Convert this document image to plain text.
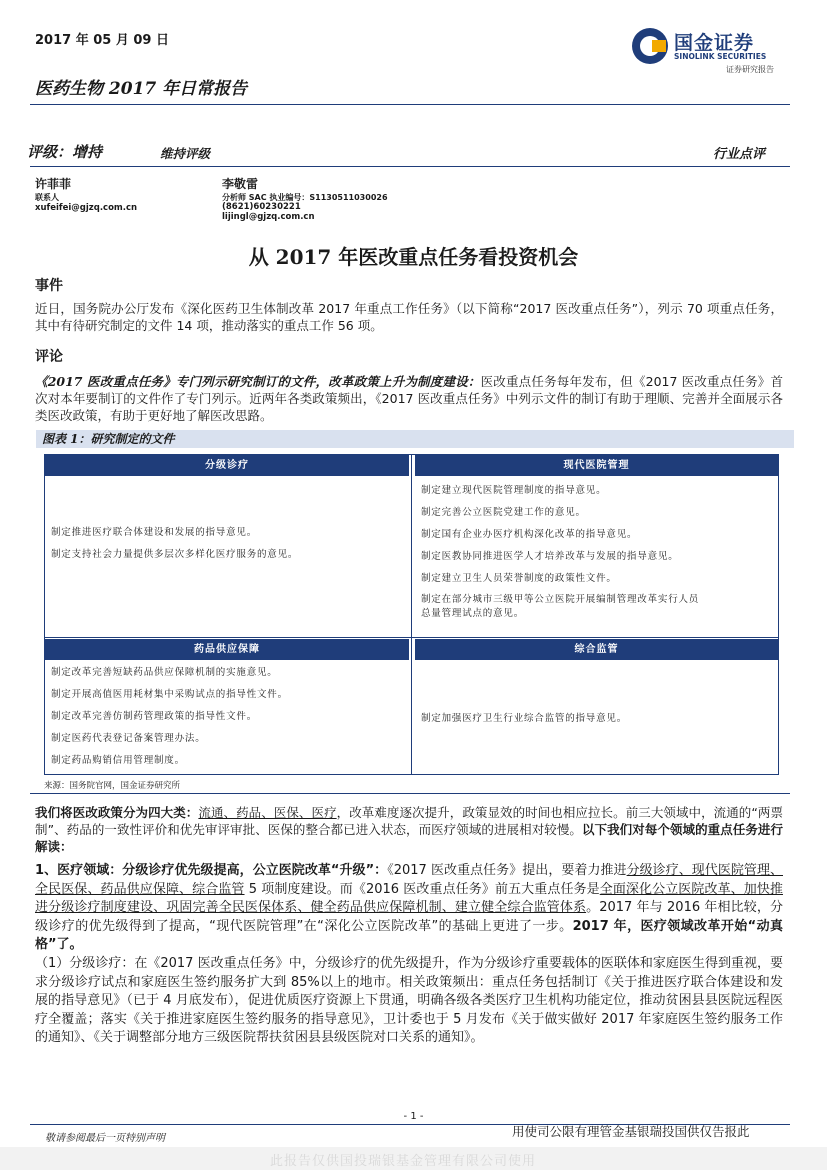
2017 年 05 月 09 日
医药生物 2017 年日常报告
国金证券
SINOLINK SECURITIES
证券研究报告
评级：增持	维持评级	行业点评
许菲菲
联系人
xufeifei@gjzq.com.cn
李敬雷
分析师 SAC 执业编号：S1130511030026
(8621)60230221
lijingl@gjzq.com.cn
从 2017 年医改重点任务看投资机会
事件
近日，国务院办公厅发布《深化医药卫生体制改革 2017 年重点工作任务》（以下简称“2017 医改重点任务”），列示 70 项重点任务，其中有待研究制定的文件 14 项，推动落实的重点工作 56 项。
评论

《2017 医改重点任务》专门列示研究制订的文件，改革政策上升为制度建设：医改重点任务每年发布，但《2017 医改重点任务》首次对本年要制订的文件作了专门列示。近两年各类政策频出，《2017 医改重点任务》中列示文件的制订有助于理顺、完善并全面展示各类医改政策，有助于更好地了解医改思路。

图表 1：研究制定的文件
分级诊疗	现代医院管理
制定推进医疗联合体建设和发展的指导意见。
制定支持社会力量提供多层次多样化医疗服务的意见。
制定建立现代医院管理制度的指导意见。
制定完善公立医院党建工作的意见。
制定国有企业办医疗机构深化改革的指导意见。
制定医教协同推进医学人才培养改革与发展的指导意见。
制定建立卫生人员荣誉制度的政策性文件。
制定在部分城市三级甲等公立医院开展编制管理改革实行人员
总量管理试点的意见。
药品供应保障	综合监管
制定改革完善短缺药品供应保障机制的实施意见。
制定开展高值医用耗材集中采购试点的指导性文件。
制定改革完善仿制药管理政策的指导性文件。
制定医药代表登记备案管理办法。
制定药品购销信用管理制度。
制定加强医疗卫生行业综合监管的指导意见。
来源：国务院官网，国金证券研究所

我们将医改政策分为四大类：流通、药品、医保、医疗，改革难度逐次提升，政策显效的时间也相应拉长。前三大领域中，流通的“两票制”、药品的一致性评价和优先审评审批、医保的整合都已进入状态，而医疗领域的进展相对较慢。以下我们对每个领域的重点任务进行解读：

1、医疗领域：分级诊疗优先级提高，公立医院改革“升级”：《2017 医改重点任务》提出，要着力推进分级诊疗、现代医院管理、全民医保、药品供应保障、综合监管 5 项制度建设。而《2016 医改重点任务》前五大重点任务是全面深化公立医院改革、加快推进分级诊疗制度建设、巩固完善全民医保体系、健全药品供应保障机制、建立健全综合监管体系。2017 年与 2016 年相比较，分级诊疗的优先级得到了提高，“现代医院管理”在“深化公立医院改革”的基础上更进了一步。2017 年，医疗领域改革开始“动真格”了。

（1）分级诊疗：在《2017 医改重点任务》中，分级诊疗的优先级提升，作为分级诊疗重要载体的医联体和家庭医生得到重视，要求分级诊疗试点和家庭医生签约服务扩大到 85%以上的地市。相关政策频出：重点任务包括制订《关于推进医疗联合体建设和发展的指导意见》（已于 4 月底发布），促进优质医疗资源上下贯通，明确各级各类医疗卫生机构功能定位，推动贫困县县医院远程医疗全覆盖；落实《关于推进家庭医生签约服务的指导意见》，卫计委也于 5 月发布《关于做实做好 2017 年家庭医生签约服务工作的通知》、《关于调整部分地方三级医院帮扶贫困县县级医院对口关系的通知》。
- 1 -
敬请参阅最后一页特别声明	用使司公限有理管金基银瑞投国供仅告报此
此报告仅供国投瑞银基金管理有限公司使用
